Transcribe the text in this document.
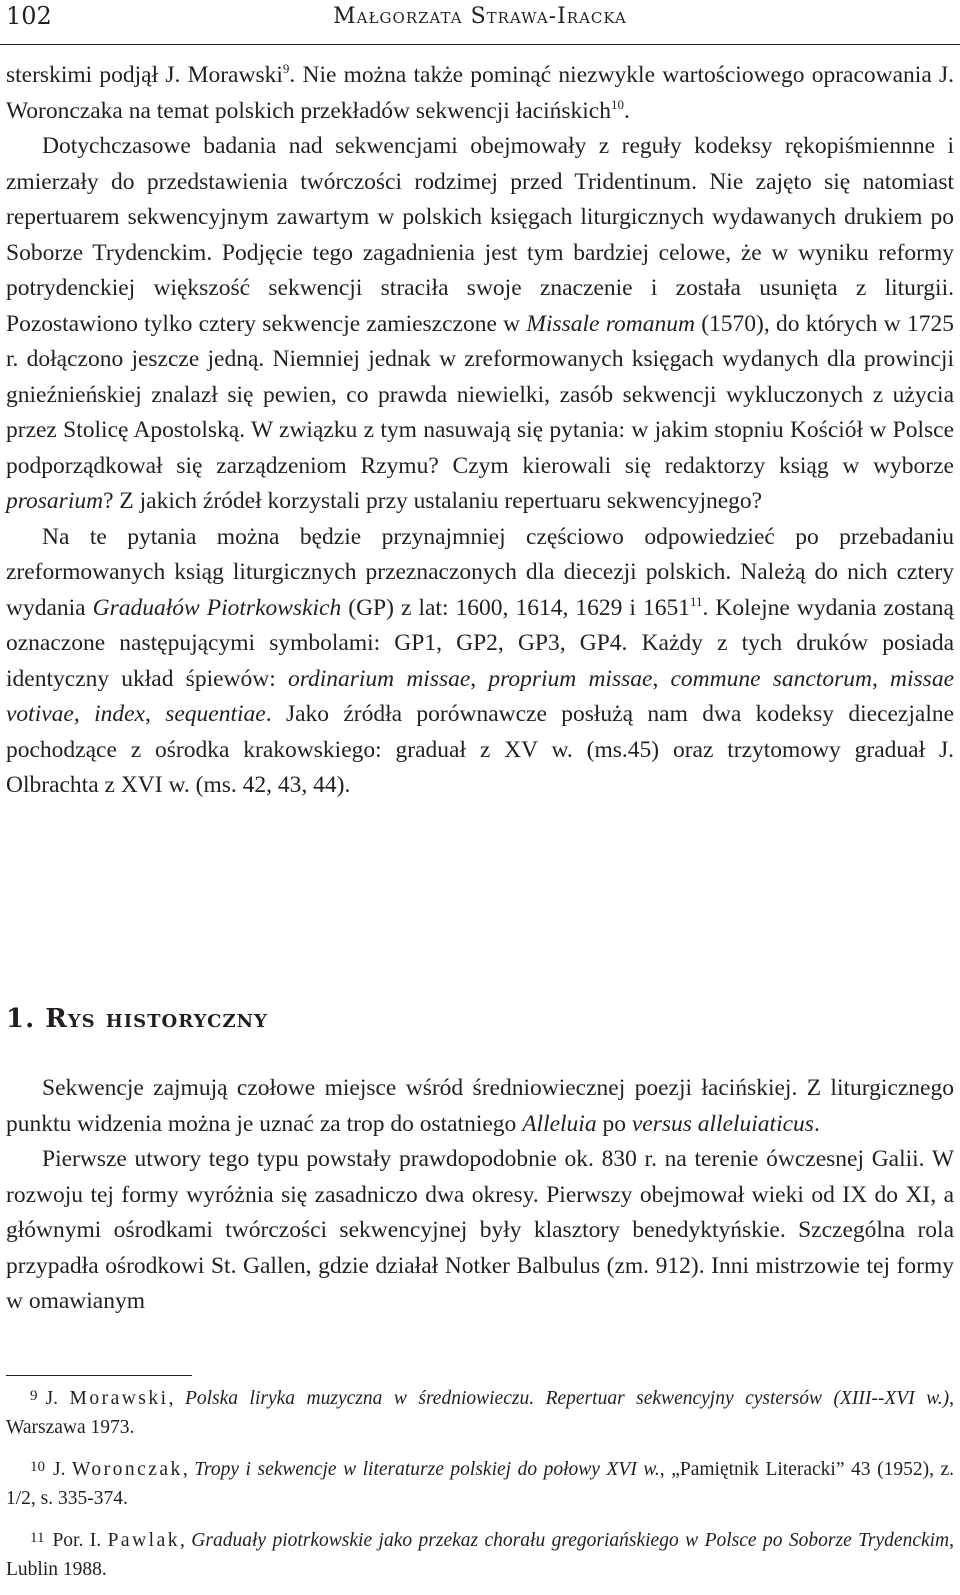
102	Małgorzata Strawa-Iracka

sterskimi podjął J. Morawski$^9$. Nie można także pominąć niezwykle wartościowego opracowania J. Woronczaka na temat polskich przekładów sekwencji łacińskich$^{10}$.

Dotychczasowe badania nad sekwencjami obejmowały z reguły kodeksy rękopiśmiennne i zmierzały do przedstawienia twórczości rodzimej przed Tridentinum. Nie zajęto się natomiast repertuarem sekwencyjnym zawartym w polskich księgach liturgicznych wydawanych drukiem po Soborze Trydenckim. Podjęcie tego zagadnienia jest tym bardziej celowe, że w wyniku reformy potrydenckiej większość sekwencji straciła swoje znaczenie i została usunięta z liturgii. Pozostawiono tylko cztery sekwencje zamieszczone w Missale romanum (1570), do których w 1725 r. dołączono jeszcze jedną. Niemniej jednak w zreformowanych księgach wydanych dla prowincji gnieźnieńskiej znalazł się pewien, co prawda niewielki, zasób sekwencji wykluczonych z użycia przez Stolicę Apostolską. W związku z tym nasuwają się pytania: w jakim stopniu Kościół w Polsce podporządkował się zarządzeniom Rzymu? Czym kierowali się redaktorzy ksiąg w wyborze prosarium? Z jakich źródeł korzystali przy ustalaniu repertuaru sekwencyjnego?

Na te pytania można będzie przynajmniej częściowo odpowiedzieć po przebadaniu zreformowanych ksiąg liturgicznych przeznaczonych dla diecezji polskich. Należą do nich cztery wydania Graduałów Piotrkowskich (GP) z lat: 1600, 1614, 1629 i 1651$^{11}$. Kolejne wydania zostaną oznaczone następującymi symbolami: GP1, GP2, GP3, GP4. Każdy z tych druków posiada identyczny układ śpiewów: ordinarium missae, proprium missae, commune sanctorum, missae votivae, index, sequentiae. Jako źródła porównawcze posłużą nam dwa kodeksy diecezjalne pochodzące z ośrodka krakowskiego: graduał z XV w. (ms.45) oraz trzytomowy graduał J. Olbrachta z XVI w. (ms. 42, 43, 44).

1. Rys historyczny

Sekwencje zajmują czołowe miejsce wśród średniowiecznej poezji łacińskiej. Z liturgicznego punktu widzenia można je uznać za trop do ostatniego Alleluia po versus alleluiaticus.

Pierwsze utwory tego typu powstały prawdopodobnie ok. 830 r. na terenie ówczesnej Galii. W rozwoju tej formy wyróżnia się zasadniczo dwa okresy. Pierwszy obejmował wieki od IX do XI, a głównymi ośrodkami twórczości sekwencyjnej były klasztory benedyktyńskie. Szczególna rola przypadła ośrodkowi St. Gallen, gdzie działał Notker Balbulus (zm. 912). Inni mistrzowie tej formy w omawianym

$^9$ J. Morawski, Polska liryka muzyczna w średniowieczu. Repertuar sekwencyjny cystersów (XIII--XVI w.), Warszawa 1973.

$^{10}$ J. Woronczak, Tropy i sekwencje w literaturze polskiej do połowy XVI w., „Pamiętnik Literacki” 43 (1952), z. 1/2, s. 335-374.

$^{11}$ Por. I. Pawlak, Graduały piotrkowskie jako przekaz chorału gregoriańskiego w Polsce po Soborze Trydenckim, Lublin 1988.
